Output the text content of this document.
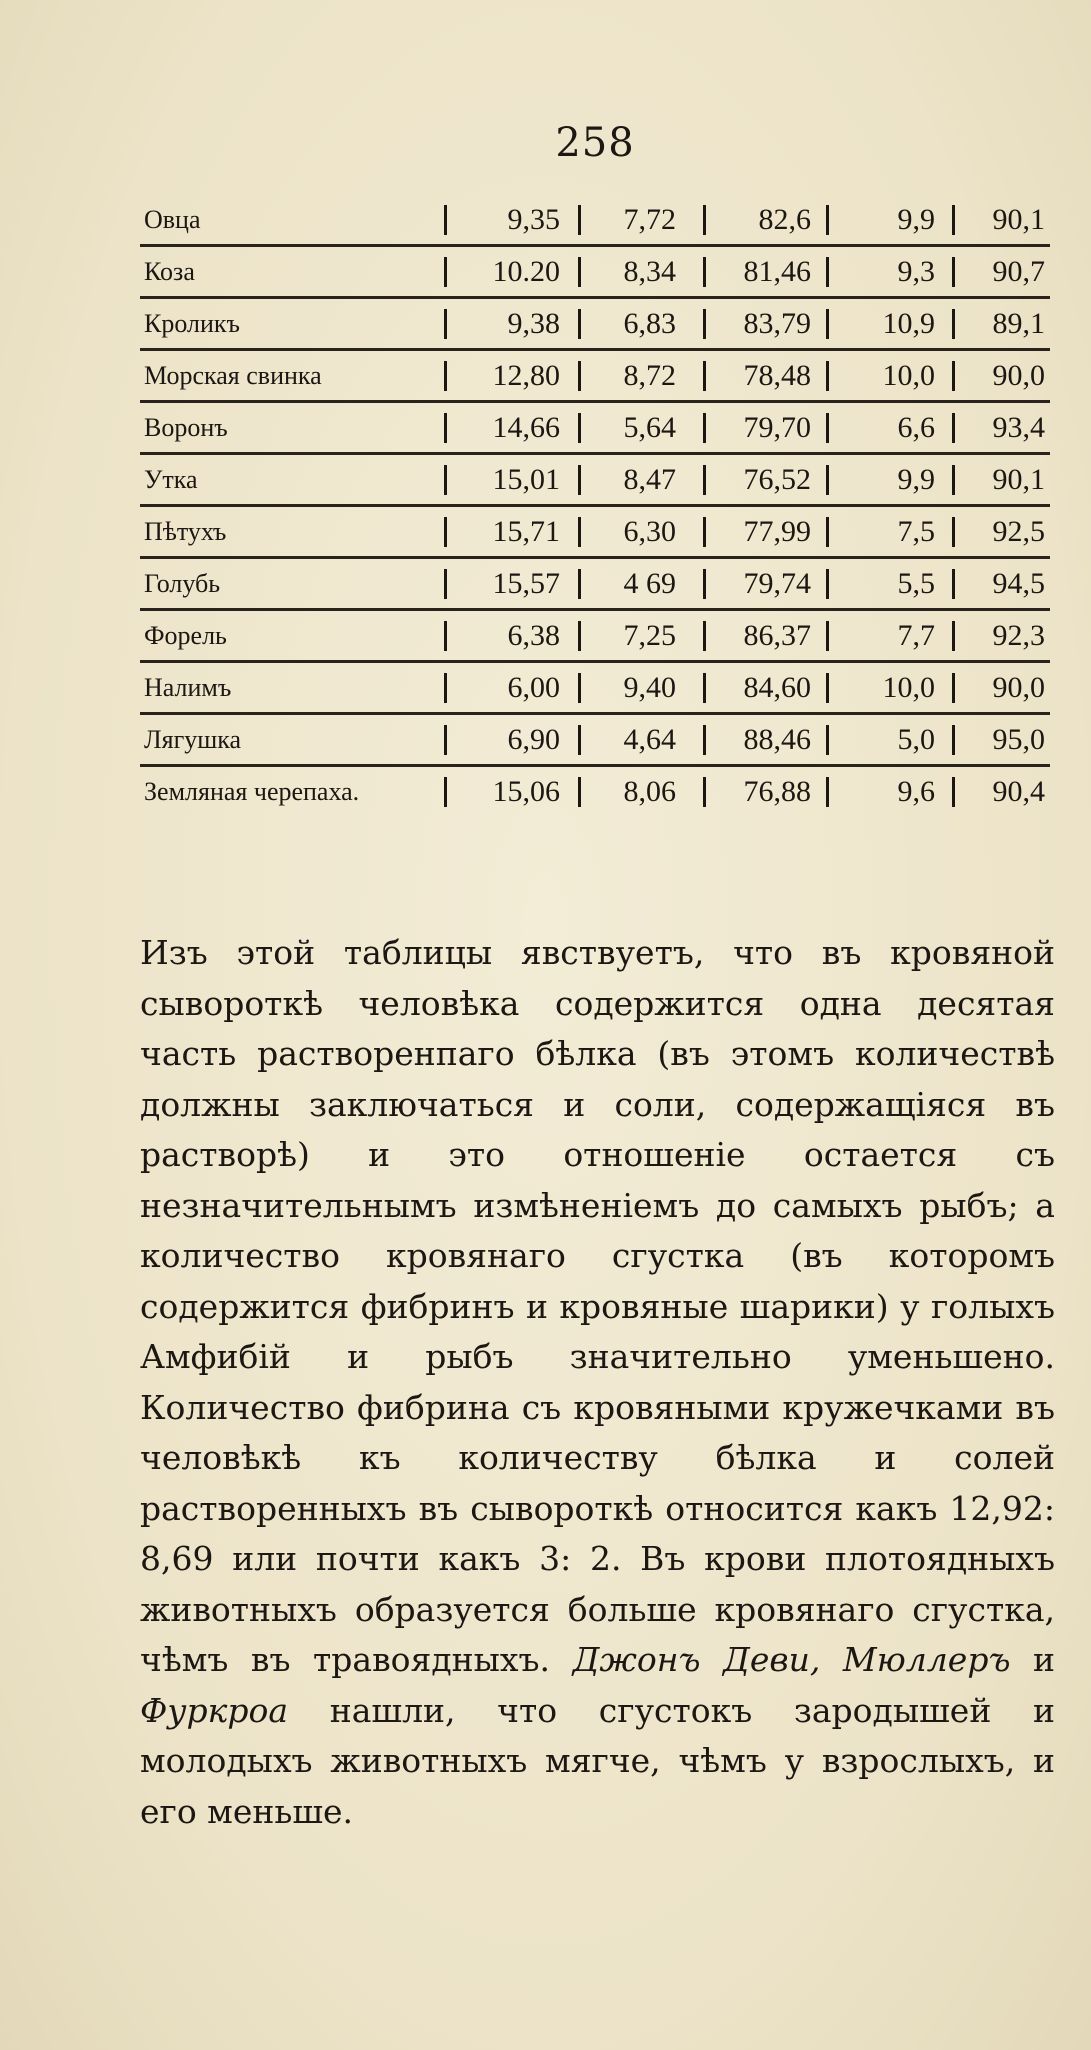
258
Овца	9,35	7,72	82,6	9,9	90,1
Коза	10.20	8,34	81,46	9,3	90,7
Кроликъ	9,38	6,83	83,79	10,9	89,1
Морская свинка	12,80	8,72	78,48	10,0	90,0
Воронъ	14,66	5,64	79,70	6,6	93,4
Утка	15,01	8,47	76,52	9,9	90,1
Пѣтухъ	15,71	6,30	77,99	7,5	92,5
Голубь	15,57	4 69	79,74	5,5	94,5
Форель	6,38	7,25	86,37	7,7	92,3
Налимъ	6,00	9,40	84,60	10,0	90,0
Лягушка	6,90	4,64	88,46	5,0	95,0
Земляная черепаха.	15,06	8,06	76,88	9,6	90,4

Изъ этой таблицы явствуетъ, что въ кровяной сывороткѣ человѣка содержится одна десятая часть растворенпаго бѣлка (въ этомъ количествѣ должны заключаться и соли, содержащіяся въ растворѣ) и это отношеніе остается съ незначительнымъ измѣненіемъ до самыхъ рыбъ; а количество кровянаго сгустка (въ которомъ содержится фибринъ и кровяные шарики) у голыхъ Амфибій и рыбъ значительно уменьшено. Количество фибрина съ кровяными кружечками въ человѣкѣ къ количеству бѣлка и солей растворенныхъ въ сывороткѣ относится какъ 12,92: 8,69 или почти какъ 3: 2. Въ крови плотоядныхъ животныхъ образуется больше кровянаго сгустка, чѣмъ въ травоядныхъ. Джонъ Деви, Мюллеръ и Фуркроа нашли, что сгустокъ зародышей и молодыхъ животныхъ мягче, чѣмъ у взрослыхъ, и его меньше.
